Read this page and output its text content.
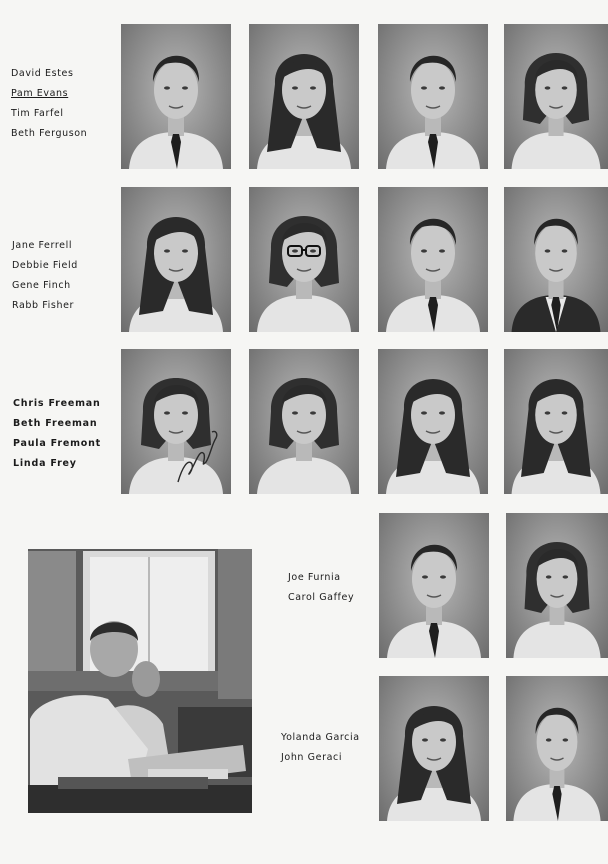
David Estes
Pam Evans
Tim Farfel
Beth Ferguson
Jane Ferrell
Debbie Field
Gene Finch
Rabb Fisher
Chris Freeman
Beth Freeman
Paula Fremont
Linda Frey
Joe Furnia
Carol Gaffey
Yolanda Garcia
John Geraci
